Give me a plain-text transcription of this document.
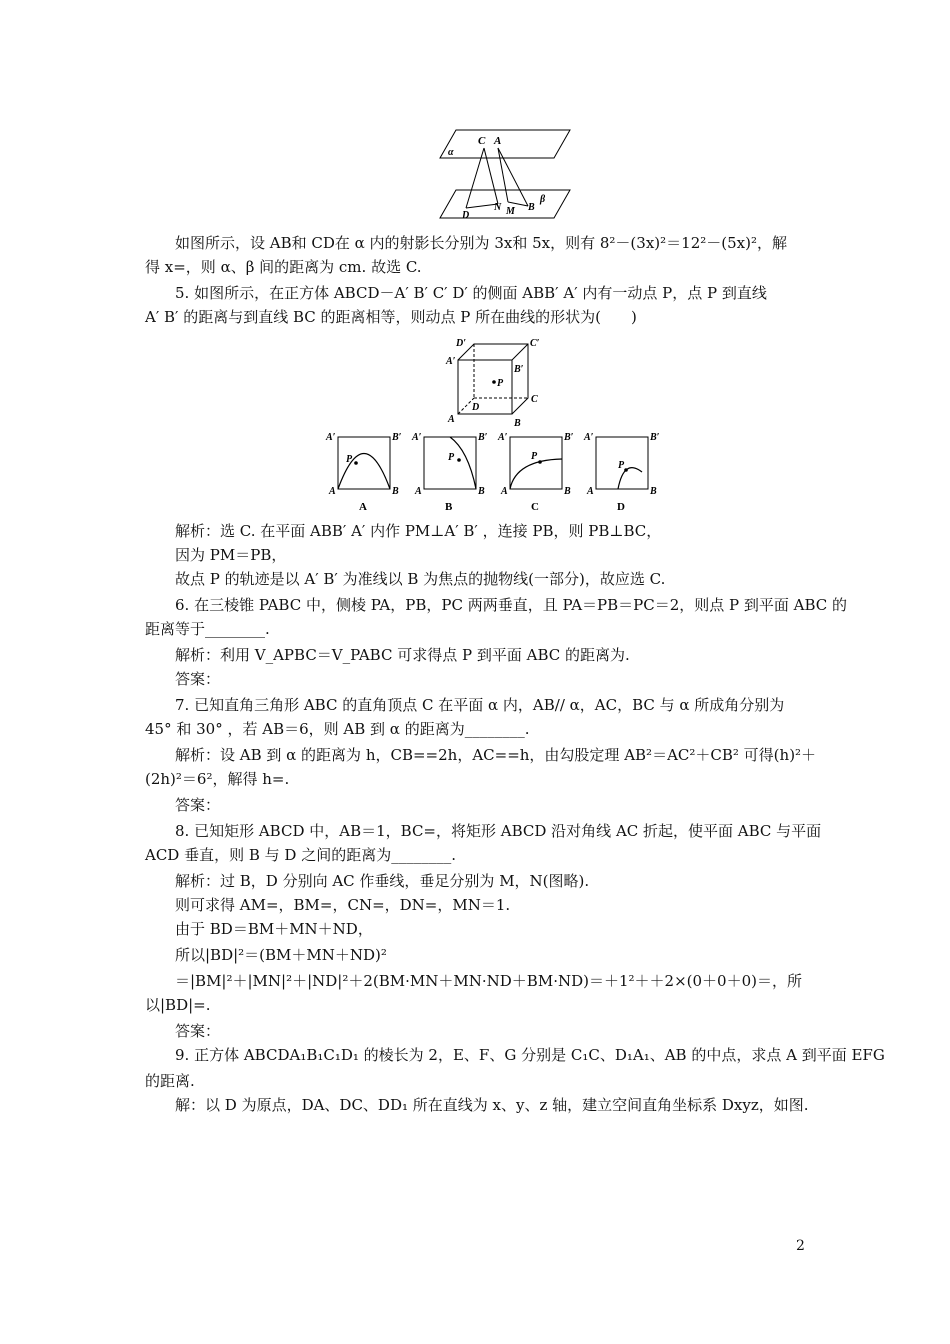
C A
α
N M
D
B
β
如图所示，设 AB和 CD在 α 内的射影长分别为 3x和 5x，则有 8²－(3x)²＝12²－(5x)²，解
得 x=，则 α、β 间的距离为 cm. 故选 C.
5. 如图所示，在正方体 ABCD－A′ B′ C′ D′ 的侧面 ABB′ A′ 内有一动点 P，点 P 到直线
A′ B′ 的距离与到直线 BC 的距离相等，则动点 P 所在曲线的形状为(　　)
D′	C′
A′
B′
P
C
D
A	B
A′	B′
A	B
P
A
A′	B′
A	B
P
B
A′	B′
A	B
P
C
A′	B′
A	B
P
D
解析：选 C. 在平面 ABB′ A′ 内作 PM⊥A′ B′ ，连接 PB，则 PB⊥BC，
因为 PM＝PB，
故点 P 的轨迹是以 A′ B′ 为准线以 B 为焦点的抛物线(一部分)，故应选 C.
6. 在三棱锥 PABC 中，侧棱 PA，PB，PC 两两垂直，且 PA＝PB＝PC＝2，则点 P 到平面 ABC 的
距离等于________.
解析：利用 V_APBC＝V_PABC 可求得点 P 到平面 ABC 的距离为.
答案：
7. 已知直角三角形 ABC 的直角顶点 C 在平面 α 内，AB// α，AC，BC 与 α 所成角分别为
45° 和 30° ，若 AB＝6，则 AB 到 α 的距离为________.
解析：设 AB 到 α 的距离为 h，CB==2h，AC==h，由勾股定理 AB²＝AC²＋CB² 可得(h)²＋
(2h)²＝6²，解得 h=.
答案：
8. 已知矩形 ABCD 中，AB＝1，BC=，将矩形 ABCD 沿对角线 AC 折起，使平面 ABC 与平面
ACD 垂直，则 B 与 D 之间的距离为________.
解析：过 B，D 分别向 AC 作垂线，垂足分别为 M，N(图略).
则可求得 AM=，BM=，CN=，DN=，MN＝1.
由于 BD＝BM＋MN＋ND，
所以|BD|²＝(BM＋MN＋ND)²
＝|BM|²＋|MN|²＋|ND|²＋2(BM·MN＋MN·ND＋BM·ND)＝＋1²＋＋2×(0＋0＋0)＝，所
以|BD|=.
答案：
9. 正方体 ABCDA₁B₁C₁D₁ 的棱长为 2，E、F、G 分别是 C₁C、D₁A₁、AB 的中点，求点 A 到平面 EFG
的距离.
解：以 D 为原点，DA、DC、DD₁ 所在直线为 x、y、z 轴，建立空间直角坐标系 Dxyz，如图.
2
